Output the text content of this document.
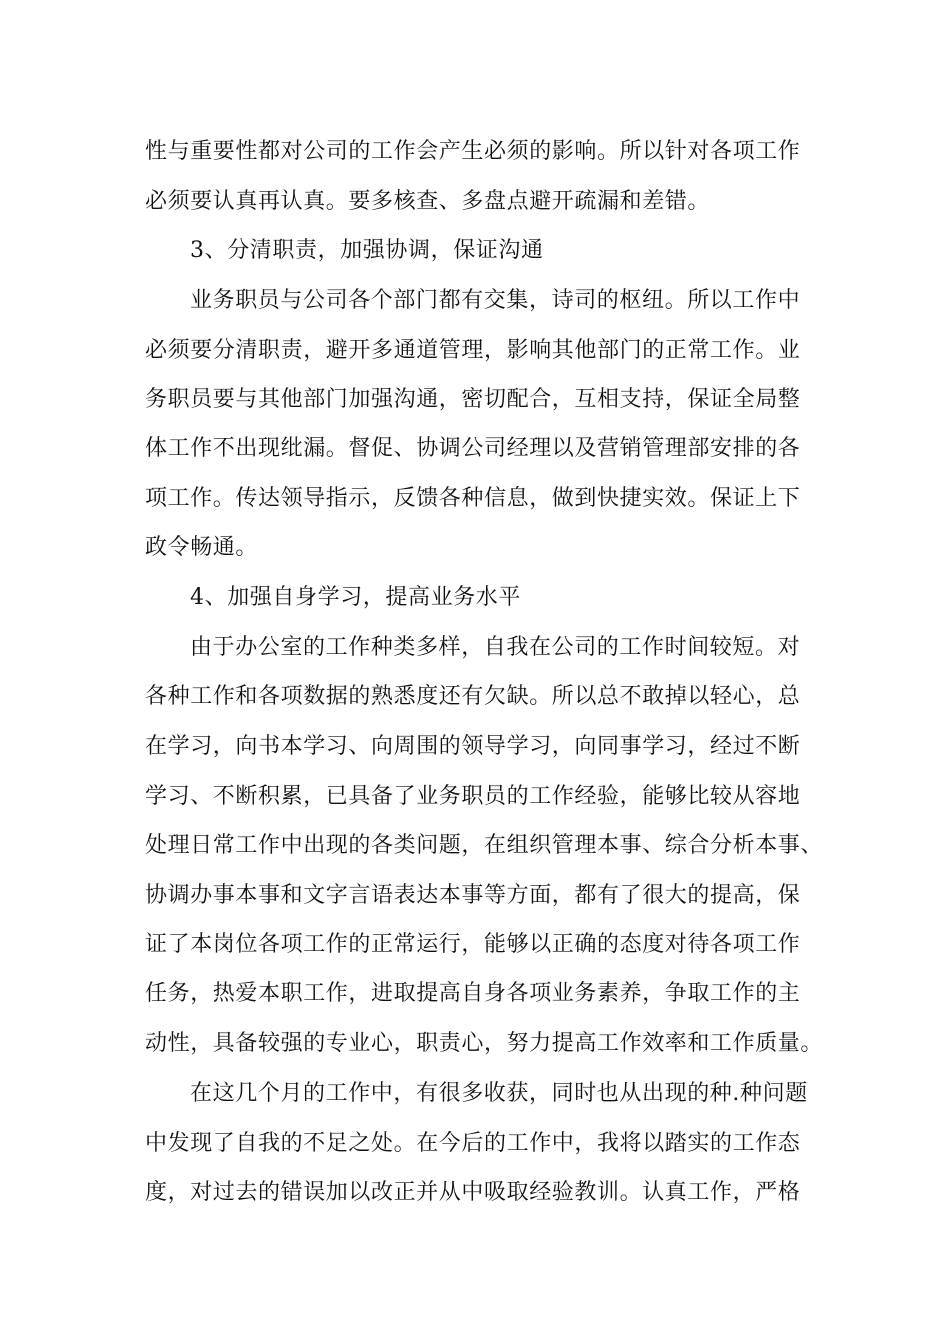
性与重要性都对公司的工作会产生必须的影响。所以针对各项工作
必须要认真再认真。要多核查、多盘点避开疏漏和差错。
3、分清职责，加强协调，保证沟通
业务职员与公司各个部门都有交集，诗司的枢纽。所以工作中
必须要分清职责，避开多通道管理，影响其他部门的正常工作。业
务职员要与其他部门加强沟通，密切配合，互相支持，保证全局整
体工作不出现纰漏。督促、协调公司经理以及营销管理部安排的各
项工作。传达领导指示，反馈各种信息，做到快捷实效。保证上下
政令畅通。
4、加强自身学习，提高业务水平
由于办公室的工作种类多样，自我在公司的工作时间较短。对
各种工作和各项数据的熟悉度还有欠缺。所以总不敢掉以轻心，总
在学习，向书本学习、向周围的领导学习，向同事学习，经过不断
学习、不断积累，已具备了业务职员的工作经验，能够比较从容地
处理日常工作中出现的各类问题，在组织管理本事、综合分析本事、
协调办事本事和文字言语表达本事等方面，都有了很大的提高，保
证了本岗位各项工作的正常运行，能够以正确的态度对待各项工作
任务，热爱本职工作，进取提高自身各项业务素养，争取工作的主
动性，具备较强的专业心，职责心，努力提高工作效率和工作质量。
在这几个月的工作中，有很多收获，同时也从出现的种.种问题
中发现了自我的不足之处。在今后的工作中，我将以踏实的工作态
度，对过去的错误加以改正并从中吸取经验教训。认真工作，严格
